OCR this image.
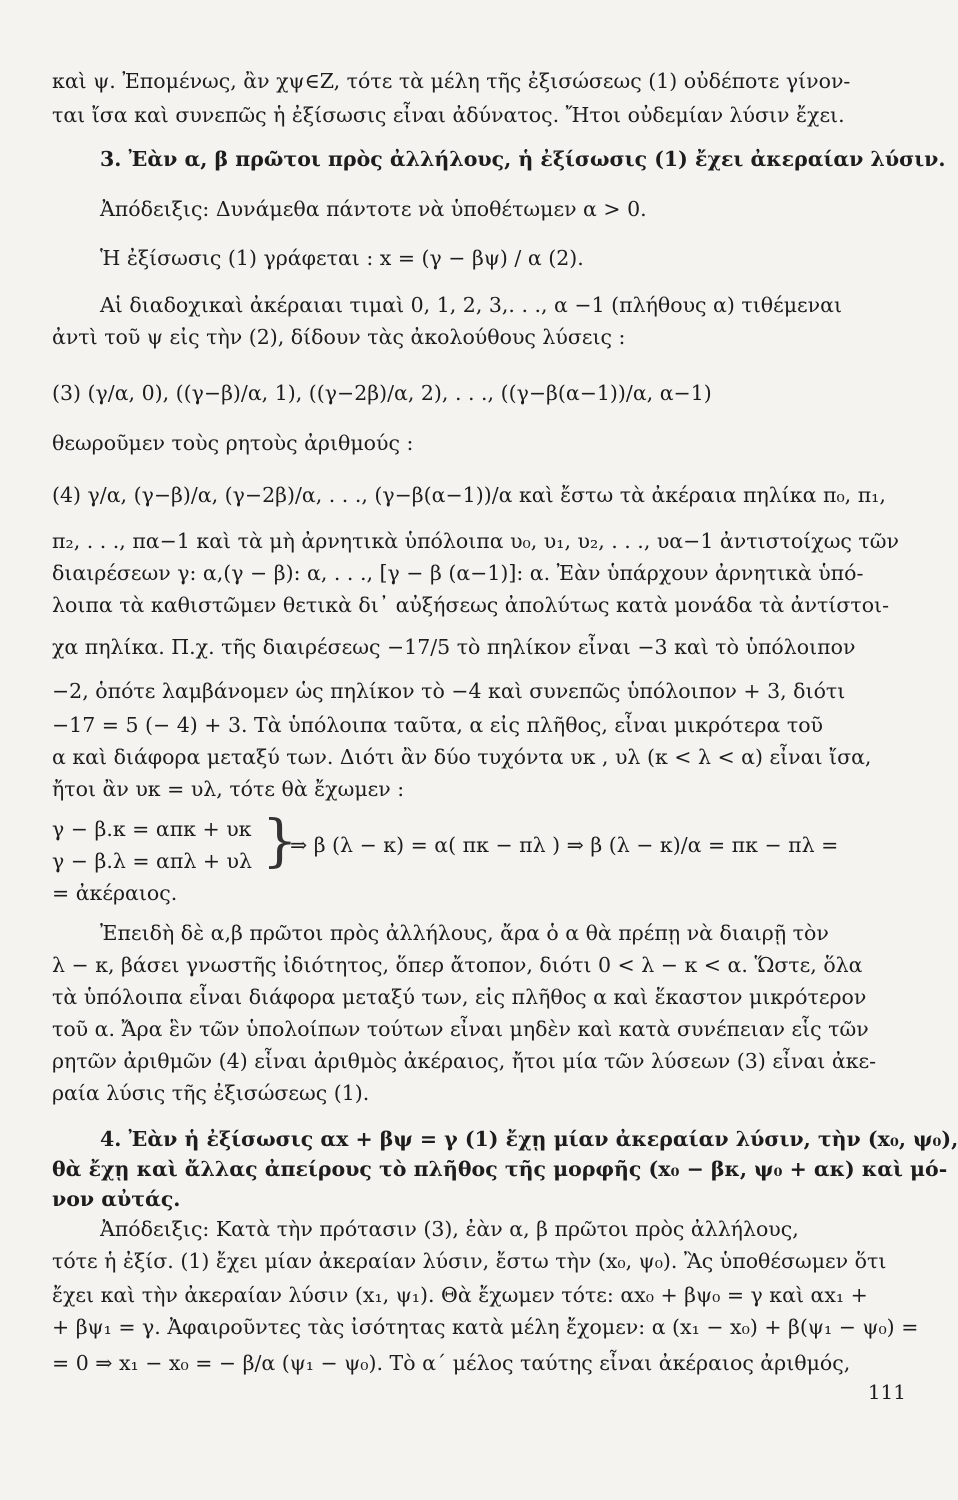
καὶ ψ. Ἐπομένως, ἂν χψ∈Z, τότε τὰ μέλη τῆς ἐξισώσεως (1) οὐδέποτε γίνον-
ται ἴσα καὶ συνεπῶς ἡ ἐξίσωσις εἶναι ἀδύνατος. Ἤτοι οὐδεμίαν λύσιν ἔχει.
3. Ἐὰν α, β πρῶτοι πρὸς ἀλλήλους, ἡ ἐξίσωσις (1) ἔχει ἀκεραίαν λύσιν.
Ἀπόδειξις: Δυνάμεθα πάντοτε νὰ ὑποθέτωμεν α > 0.
Ἡ ἐξίσωσις (1) γράφεται : x = (γ − βψ) / α (2).
Αἱ διαδοχικαὶ ἀκέραιαι τιμαὶ 0, 1, 2, 3,. . ., α −1 (πλήθους α) τιθέμεναι
ἀντὶ τοῦ ψ εἰς τὴν (2), δίδουν τὰς ἀκολούθους λύσεις :
(3) (γ/α, 0), ((γ−β)/α, 1), ((γ−2β)/α, 2), . . ., ((γ−β(α−1))/α, α−1)
θεωροῦμεν τοὺς ρητοὺς ἀριθμούς :
(4) γ/α, (γ−β)/α, (γ−2β)/α, . . ., (γ−β(α−1))/α καὶ ἔστω τὰ ἀκέραια πηλίκα π₀, π₁,
π₂, . . ., πα−1 καὶ τὰ μὴ ἀρνητικὰ ὑπόλοιπα υ₀, υ₁, υ₂, . . ., υα−1 ἀντιστοίχως τῶν
διαιρέσεων γ: α,(γ − β): α, . . ., [γ − β (α−1)]: α. Ἐὰν ὑπάρχουν ἀρνητικὰ ὑπό-
λοιπα τὰ καθιστῶμεν θετικὰ δι᾿ αὐξήσεως ἀπολύτως κατὰ μονάδα τὰ ἀντίστοι-
χα πηλίκα. Π.χ. τῆς διαιρέσεως −17/5 τὸ πηλίκον εἶναι −3 καὶ τὸ ὑπόλοιπον
−2, ὁπότε λαμβάνομεν ὡς πηλίκον τὸ −4 καὶ συνεπῶς ὑπόλοιπον + 3, διότι
−17 = 5 (− 4) + 3. Τὰ ὑπόλοιπα ταῦτα, α εἰς πλῆθος, εἶναι μικρότερα τοῦ
α καὶ διάφορα μεταξύ των. Διότι ἂν δύο τυχόντα υκ , υλ (κ < λ < α) εἶναι ἴσα,
ἤτοι ἂν υκ = υλ, τότε θὰ ἔχωμεν :
γ − β.κ = απκ + υκ }
⇒ β (λ − κ) = α( πκ − πλ ) ⇒ β (λ − κ)/α = πκ − πλ =
γ − β.λ = απλ + υλ
= ἀκέραιος.
Ἐπειδὴ δὲ α,β πρῶτοι πρὸς ἀλλήλους, ἄρα ὁ α θὰ πρέπῃ νὰ διαιρῇ τὸν
λ − κ, βάσει γνωστῆς ἰδιότητος, ὅπερ ἄτοπον, διότι 0 < λ − κ < α. Ὥστε, ὅλα
τὰ ὑπόλοιπα εἶναι διάφορα μεταξύ των, εἰς πλῆθος α καὶ ἕκαστον μικρότερον
τοῦ α. Ἄρα ἓν τῶν ὑπολοίπων τούτων εἶναι μηδὲν καὶ κατὰ συνέπειαν εἷς τῶν
ρητῶν ἀριθμῶν (4) εἶναι ἀριθμὸς ἀκέραιος, ἤτοι μία τῶν λύσεων (3) εἶναι ἀκε-
ραία λύσις τῆς ἐξισώσεως (1).
4. Ἐὰν ἡ ἐξίσωσις αx + βψ = γ (1) ἔχῃ μίαν ἀκεραίαν λύσιν, τὴν (x₀, ψ₀),
θὰ ἔχῃ καὶ ἄλλας ἀπείρους τὸ πλῆθος τῆς μορφῆς (x₀ − βκ, ψ₀ + ακ) καὶ μό-
νον αὐτάς.
Ἀπόδειξις: Κατὰ τὴν πρότασιν (3), ἐὰν α, β πρῶτοι πρὸς ἀλλήλους,
τότε ἡ ἐξίσ. (1) ἔχει μίαν ἀκεραίαν λύσιν, ἔστω τὴν (x₀, ψ₀). Ἂς ὑποθέσωμεν ὅτι
ἔχει καὶ τὴν ἀκεραίαν λύσιν (x₁, ψ₁). Θὰ ἔχωμεν τότε: αx₀ + βψ₀ = γ καὶ αx₁ +
+ βψ₁ = γ. Ἀφαιροῦντες τὰς ἰσότητας κατὰ μέλη ἔχομεν: α (x₁ − x₀) + β(ψ₁ − ψ₀) =
= 0 ⇒ x₁ − x₀ = − β/α (ψ₁ − ψ₀). Τὸ α´ μέλος ταύτης εἶναι ἀκέραιος ἀριθμός,
111
